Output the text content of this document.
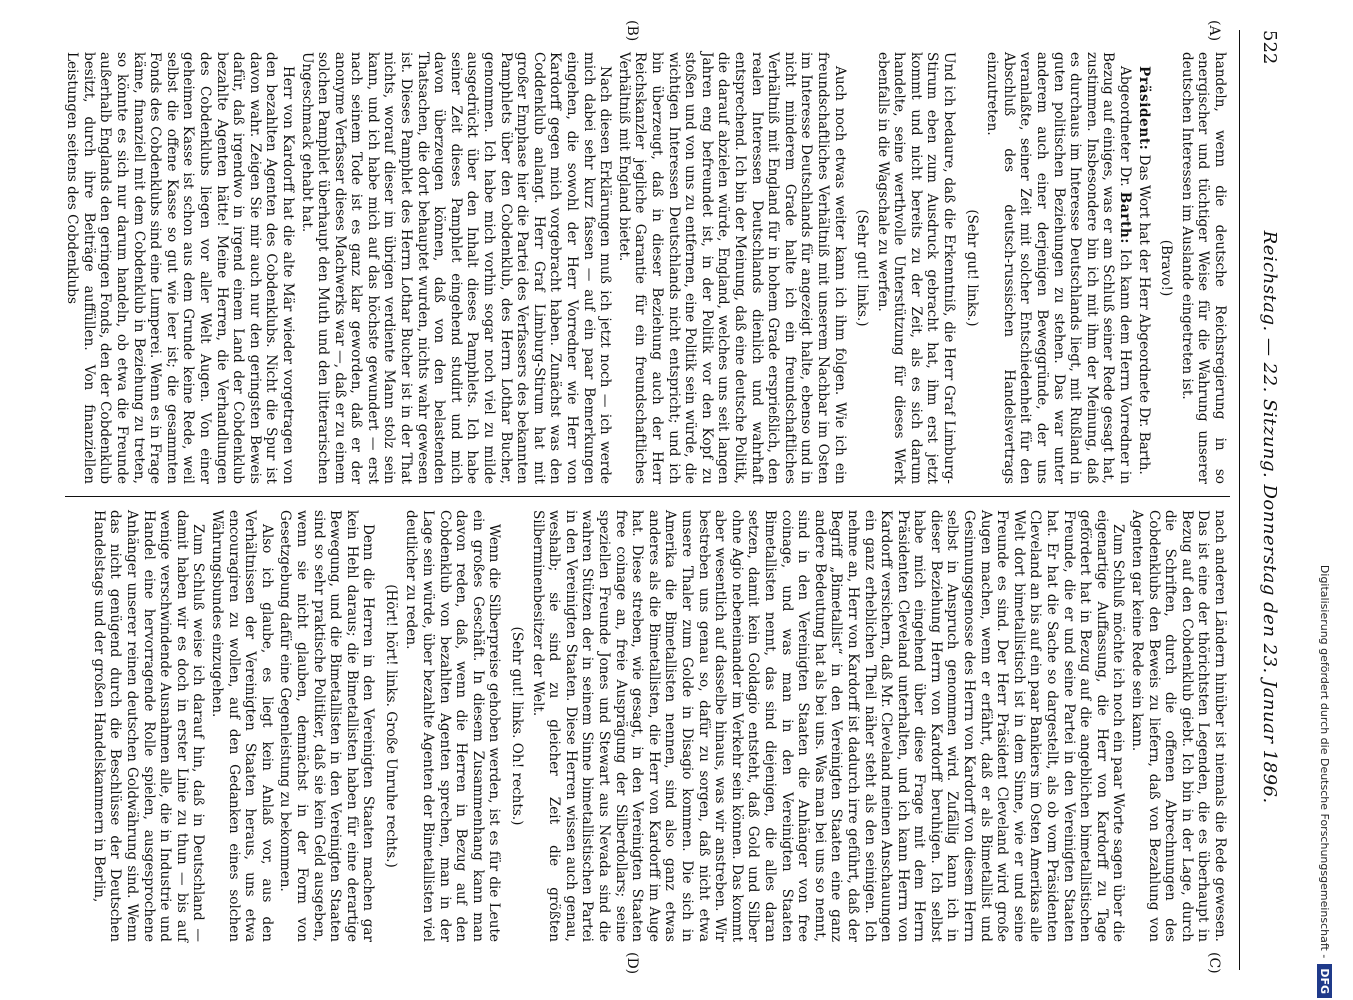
522
Reichstag. — 22. Sitzung. Donnerstag den 23. Januar 1896.
(A)
(B)
(C)
(D)

handeln, wenn die deutsche Reichsregierung in so energischer und tüchtiger Weise für die Wahrung unserer deutschen Interessen im Auslande eingetreten ist.

(Bravo!)

Präsident: Das Wort hat der Herr Abgeordnete Dr. Barth.

Abgeordneter Dr. Barth: Ich kann dem Herrn Vorredner in Bezug auf einiges, was er am Schluß seiner Rede gesagt hat, zustimmen. Insbesondere bin ich mit ihm der Meinung, daß es durchaus im Interesse Deutschlands liegt, mit Rußland in guten politischen Beziehungen zu stehen. Das war unter anderem auch einer derjenigen Beweggründe, der uns veranlaßte, seiner Zeit mit solcher Entschiedenheit für den Abschluß des deutsch-russischen Handelsvertrags einzutreten.

(Sehr gut! links.)

Und ich bedaure, daß die Erkenntniß, die Herr Graf Limburg-Stirum eben zum Ausdruck gebracht hat, ihm erst jetzt kommt und nicht bereits zu der Zeit, als es sich darum handelte, seine werthvolle Unterstützung für dieses Werk ebenfalls in die Wagschale zu werfen.

(Sehr gut! links.)

Auch noch etwas weiter kann ich ihm folgen. Wie ich ein freundschaftliches Verhältniß mit unserem Nachbar im Osten im Interesse Deutschlands für angezeigt halte, ebenso und in nicht minderem Grade halte ich ein freundschaftliches Verhältniß mit England für in hohem Grade ersprießlich, den realen Interessen Deutschlands dienlich und wahrhaft entsprechend. Ich bin der Meinung, daß eine deutsche Politik, die darauf abzielen würde, England, welches uns seit langen Jahren eng befreundet ist, in der Politik vor den Kopf zu stoßen und von uns zu entfernen, eine Politik sein würde, die wichtigen Interessen Deutschlands nicht entspricht; und ich bin überzeugt, daß in dieser Beziehung auch der Herr Reichskanzler jegliche Garantie für ein freundschaftliches Verhältniß mit England bietet.

Nach diesen Erklärungen muß ich jetzt noch — ich werde mich dabei sehr kurz fassen — auf ein paar Bemerkungen eingehen, die sowohl der Herr Vorredner wie Herr von Kardorff gegen mich vorgebracht haben. Zunächst was den Coddenklub anlangt. Herr Graf Limburg-Stirum hat mit großer Emphase hier die Partei des Verfassers des bekannten Pamphlets über den Cobdenklub, des Herrn Lothar Bucher, genommen. Ich habe mich vorhin sogar noch viel zu milde ausgedrückt über den Inhalt dieses Pamphlets. Ich habe seiner Zeit dieses Pamphlet eingehend studirt und mich davon überzeugen können, daß von den belastenden Thatsachen, die dort behauptet wurden, nichts wahr gewesen ist. Dieses Pamphlet des Herrn Lothar Bucher ist in der That nichts, worauf dieser im übrigen verdiente Mann stolz sein kann, und ich habe mich auf das höchste gewundert — erst nach seinem Tode ist es ganz klar geworden, daß er der anonyme Verfasser dieses Machwerks war —, daß er zu einem solchen Pamphlet überhaupt den Muth und den litterarischen Ungeschmack gehabt hat.

Herr von Kardorff hat die alte Mär wieder vorgetragen von den bezahlten Agenten des Cobdenklubs. Nicht die Spur ist davon wahr. Zeigen Sie mir auch nur den geringsten Beweis dafür, daß irgendwo in irgend einem Land der Cobdenklub bezahlte Agenten hätte! Meine Herren, die Verhandlungen des Cobdenklubs liegen vor aller Welt Augen. Von einer geheimen Kasse ist schon aus dem Grunde keine Rede, weil selbst die offene Kasse so gut wie leer ist; die gesammten Fonds des Cobdenklubs sind eine Lumperei. Wenn es in Frage käme, finanziell mit dem Cobdenklub in Beziehung zu treten, so könnte es sich nur darum handeln, ob etwa die Freunde außerhalb Englands den geringen Fonds, den der Cobdenklub besitzt, durch ihre Beiträge auffüllen. Von finanziellen Leistungen seitens des Cobdenklubs

nach anderen Ländern hinüber ist niemals die Rede gewesen. Das ist eine der thörichtsten Legenden, die es überhaupt in Bezug auf den Cobdenklub giebt. Ich bin in der Lage, durch die Schriften, durch die offenen Abrechnungen des Cobdenklubs den Beweis zu liefern, daß von Bezahlung von Agenten gar keine Rede sein kann.

Zum Schluß möchte ich noch ein paar Worte sagen über die eigenartige Auffassung, die Herr von Kardorff zu Tage gefördert hat in Bezug auf die angeblichen bimetallistischen Freunde, die er und seine Partei in den Vereinigten Staaten hat. Er hat die Sache so dargestellt, als ob vom Präsidenten Cleveland an bis auf ein paar Bankiers im Osten Amerikas alle Welt dort bimetallistisch ist in dem Sinne, wie er und seine Freunde es sind. Der Herr Präsident Cleveland wird große Augen machen, wenn er erfährt, daß er als Bimetallist und Gesinnungsgenosse des Herrn von Kardorff von diesem Herrn selbst in Anspruch genommen wird. Zufällig kann ich in dieser Beziehung Herrn von Kardorff beruhigen. Ich selbst habe mich eingehend über diese Frage mit dem Herrn Präsidenten Cleveland unterhalten, und ich kann Herrn von Kardorff versichern, daß Mr. Cleveland meinen Anschauungen ein ganz erheblichen Theil näher steht als den seinigen. Ich nehme an, Herr von Kardorff ist dadurch irre geführt, daß der Begriff „Bimetallist“ in den Vereinigten Staaten eine ganz andere Bedeutung hat als bei uns. Was man bei uns so nennt, sind in den Vereinigten Staaten die Anhänger von free coinage, und was man in den Vereinigten Staaten Bimetallisten nennt, das sind diejenigen, die alles daran setzen, damit kein Goldagio entsteht, daß Gold und Silber ohne Agio nebeneinander im Verkehr sein können. Das kommt aber wesentlich auf dasselbe hinaus, was wir anstreben. Wir bestreben uns genau so, dafür zu sorgen, daß nicht etwa unsere Thaler zum Golde in Disagio kommen. Die sich in Amerika die Bimetallisten nennen, sind also ganz etwas anderes als die Bimetallisten, die Herr von Kardorff im Auge hat. Diese streben, wie gesagt, in den Vereinigten Staaten free coinage an, freie Ausprägung der Silberdollars; seine speziellen Freunde Jones und Stewart aus Nevada sind die wahren Stützen der in seinem Sinne bimetallistischen Partei in den Vereinigten Staaten. Diese Herren wissen auch genau, weshalb; sie sind zu gleicher Zeit die größten Silberminenbesitzer der Welt.

(Sehr gut! links. Oh! rechts.)

Wenn die Silberpreise gehoben werden, ist es für die Leute ein großes Geschäft. In diesem Zusammenhang kann man davon reden, daß, wenn die Herren in Bezug auf den Cobdenklub von bezahlten Agenten sprechen, man in der Lage sein würde, über bezahlte Agenten der Bimetallisten viel deutlicher zu reden.

(Hört! hört! links. Große Unruhe rechts.)

Denn die Herren in den Vereinigten Staaten machen gar kein Hehl daraus; die Bimetallisten haben für eine derartige Bewegung, und die Bimetallisten in den Vereinigten Staaten sind so sehr praktische Politiker, daß sie kein Geld ausgeben, wenn sie nicht glauben, demnächst in der Form von Gesetzgebung dafür eine Gegenleistung zu bekommen.

Also ich glaube, es liegt kein Anlaß vor, aus den Verhältnissen der Vereinigten Staaten heraus, uns etwa encouragiren zu wollen, auf den Gedanken eines solchen Währungsbundes einzugehen.

Zum Schluß weise ich darauf hin, daß in Deutschland — damit haben wir es doch in erster Linie zu thun — bis auf wenige verschwindende Ausnahmen alle, die in Industrie und Handel eine hervorragende Rolle spielen, ausgesprochene Anhänger unserer reinen deutschen Goldwährung sind. Wenn das nicht genügend durch die Beschlüsse der Deutschen Handelstags und der großen Handelskammern in Berlin,	Digitalisierung gefördert durch die Deutsche Forschungsgemeinschaft -
DFG
